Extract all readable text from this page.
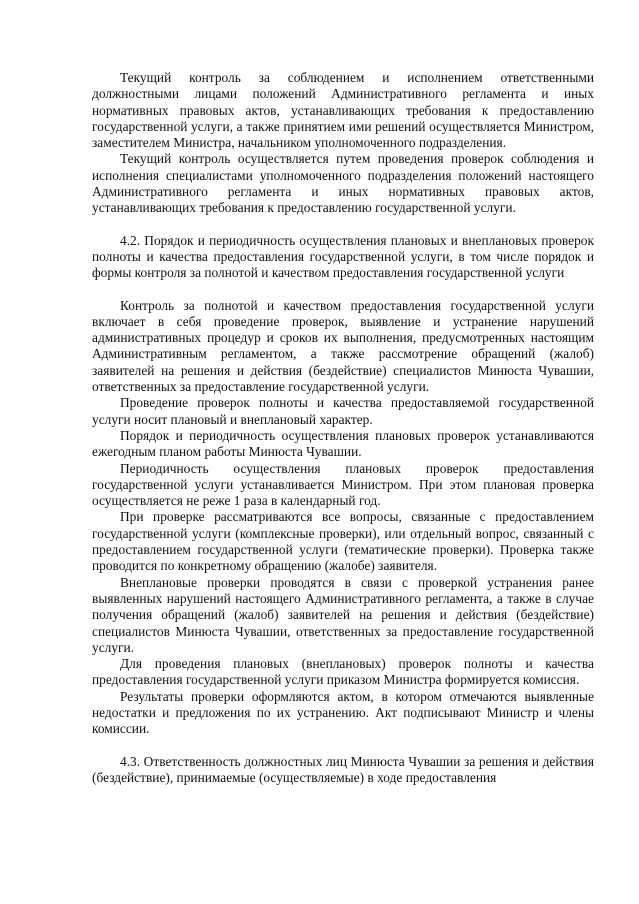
Текущий контроль за соблюдением и исполнением ответственными должностными лицами положений Административного регламента и иных нормативных правовых актов, устанавливающих требования к предоставлению государственной услуги, а также принятием ими решений осуществляется Министром, заместителем Министра, начальником уполномоченного подразделения.

Текущий контроль осуществляется путем проведения проверок соблюдения и исполнения специалистами уполномоченного подразделения положений настоящего Административного регламента и иных нормативных правовых актов, устанавливающих требования к предоставлению государственной услуги.

4.2. Порядок и периодичность осуществления плановых и внеплановых проверок полноты и качества предоставления государственной услуги, в том числе порядок и формы контроля за полнотой и качеством предоставления государственной услуги

Контроль за полнотой и качеством предоставления государственной услуги включает в себя проведение проверок, выявление и устранение нарушений административных процедур и сроков их выполнения, предусмотренных настоящим Административным регламентом, а также рассмотрение обращений (жалоб) заявителей на решения и действия (бездействие) специалистов Минюста Чувашии, ответственных за предоставление государственной услуги.

Проведение проверок полноты и качества предоставляемой государственной услуги носит плановый и внеплановый характер.

Порядок и периодичность осуществления плановых проверок устанавливаются ежегодным планом работы Минюста Чувашии.

Периодичность осуществления плановых проверок предоставления государственной услуги устанавливается Министром. При этом плановая проверка осуществляется не реже 1 раза в календарный год.

При проверке рассматриваются все вопросы, связанные с предоставлением государственной услуги (комплексные проверки), или отдельный вопрос, связанный с предоставлением государственной услуги (тематические проверки). Проверка также проводится по конкретному обращению (жалобе) заявителя.

Внеплановые проверки проводятся в связи с проверкой устранения ранее выявленных нарушений настоящего Административного регламента, а также в случае получения обращений (жалоб) заявителей на решения и действия (бездействие) специалистов Минюста Чувашии, ответственных за предоставление государственной услуги.

Для проведения плановых (внеплановых) проверок полноты и качества предоставления государственной услуги приказом Министра формируется комиссия.

Результаты проверки оформляются актом, в котором отмечаются выявленные недостатки и предложения по их устранению. Акт подписывают Министр и члены комиссии.

4.3. Ответственность должностных лиц Минюста Чувашии за решения и действия (бездействие), принимаемые (осуществляемые) в ходе предоставления
